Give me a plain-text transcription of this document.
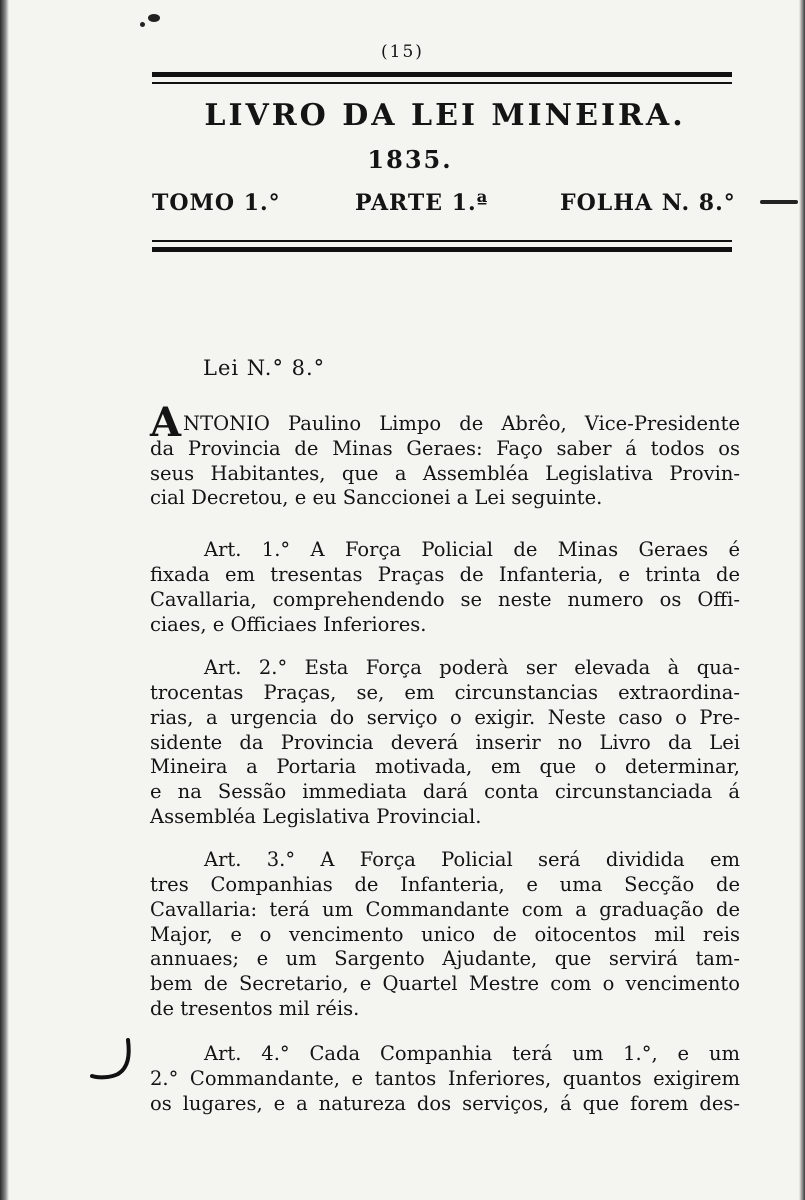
(15)
LIVRO DA LEI MINEIRA.
1835.
TOMO 1.°	PARTE 1.ª	FOLHA N. 8.°
Lei N.° 8.°
ANTONIO Paulino Limpo de Abrêo, Vice-Presidente
da Provincia de Minas Geraes: Faço saber á todos os
seus Habitantes, que a Assembléa Legislativa Provin-
cial Decretou, e eu Sanccionei a Lei seguinte.
Art. 1.° A Força Policial de Minas Geraes é
fixada em tresentas Praças de Infanteria, e trinta de
Cavallaria, comprehendendo se neste numero os Offi-
ciaes, e Officiaes Inferiores.
Art. 2.° Esta Força poderà ser elevada à qua-
trocentas Praças, se, em circunstancias extraordina-
rias, a urgencia do serviço o exigir. Neste caso o Pre-
sidente da Provincia deverá inserir no Livro da Lei
Mineira a Portaria motivada, em que o determinar,
e na Sessão immediata dará conta circunstanciada á
Assembléa Legislativa Provincial.
Art. 3.° A Força Policial será dividida em
tres Companhias de Infanteria, e uma Secção de
Cavallaria: terá um Commandante com a graduação de
Major, e o vencimento unico de oitocentos mil reis
annuaes; e um Sargento Ajudante, que servirá tam-
bem de Secretario, e Quartel Mestre com o vencimento
de tresentos mil réis.
Art. 4.° Cada Companhia terá um 1.°, e um
2.° Commandante, e tantos Inferiores, quantos exigirem
os lugares, e a natureza dos serviços, á que forem des-
